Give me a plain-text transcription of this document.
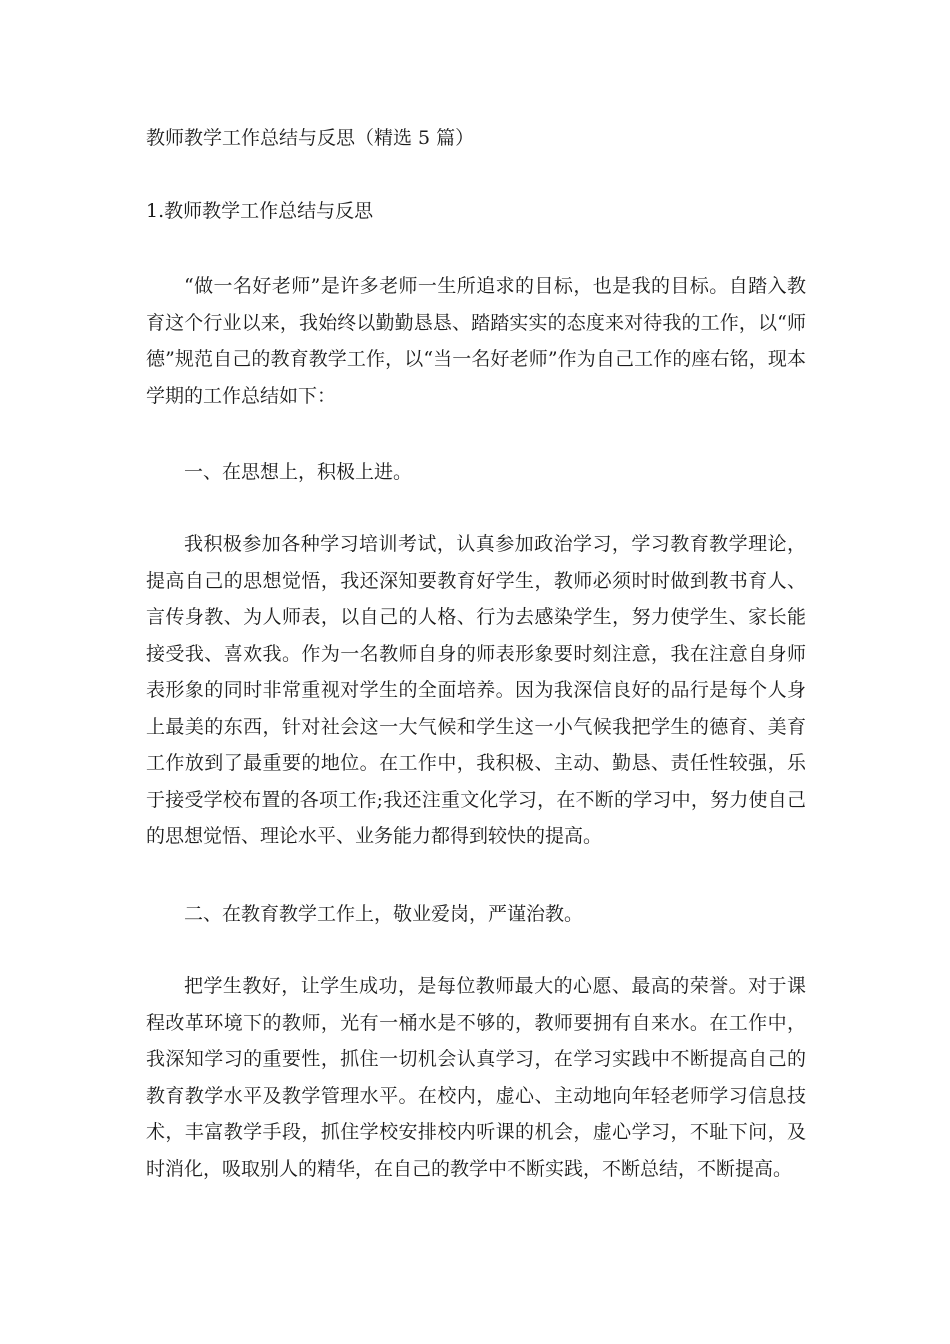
教师教学工作总结与反思（精选 5 篇）
1.教师教学工作总结与反思

“做一名好老师”是许多老师一生所追求的目标，也是我的目标。自踏入教育这个行业以来，我始终以勤勤恳恳、踏踏实实的态度来对待我的工作，以“师德”规范自己的教育教学工作，以“当一名好老师”作为自己工作的座右铭，现本学期的工作总结如下：

一、在思想上，积极上进。

我积极参加各种学习培训考试，认真参加政治学习，学习教育教学理论，提高自己的思想觉悟，我还深知要教育好学生，教师必须时时做到教书育人、言传身教、为人师表，以自己的人格、行为去感染学生，努力使学生、家长能接受我、喜欢我。作为一名教师自身的师表形象要时刻注意，我在注意自身师表形象的同时非常重视对学生的全面培养。因为我深信良好的品行是每个人身上最美的东西，针对社会这一大气候和学生这一小气候我把学生的德育、美育工作放到了最重要的地位。在工作中，我积极、主动、勤恳、责任性较强，乐于接受学校布置的各项工作;我还注重文化学习，在不断的学习中，努力使自己的思想觉悟、理论水平、业务能力都得到较快的提高。

二、在教育教学工作上，敬业爱岗，严谨治教。

把学生教好，让学生成功，是每位教师最大的心愿、最高的荣誉。对于课程改革环境下的教师，光有一桶水是不够的，教师要拥有自来水。在工作中，我深知学习的重要性，抓住一切机会认真学习，在学习实践中不断提高自己的教育教学水平及教学管理水平。在校内，虚心、主动地向年轻老师学习信息技术，丰富教学手段，抓住学校安排校内听课的机会，虚心学习，不耻下问，及时消化，吸取别人的精华，在自己的教学中不断实践，不断总结，不断提高。
